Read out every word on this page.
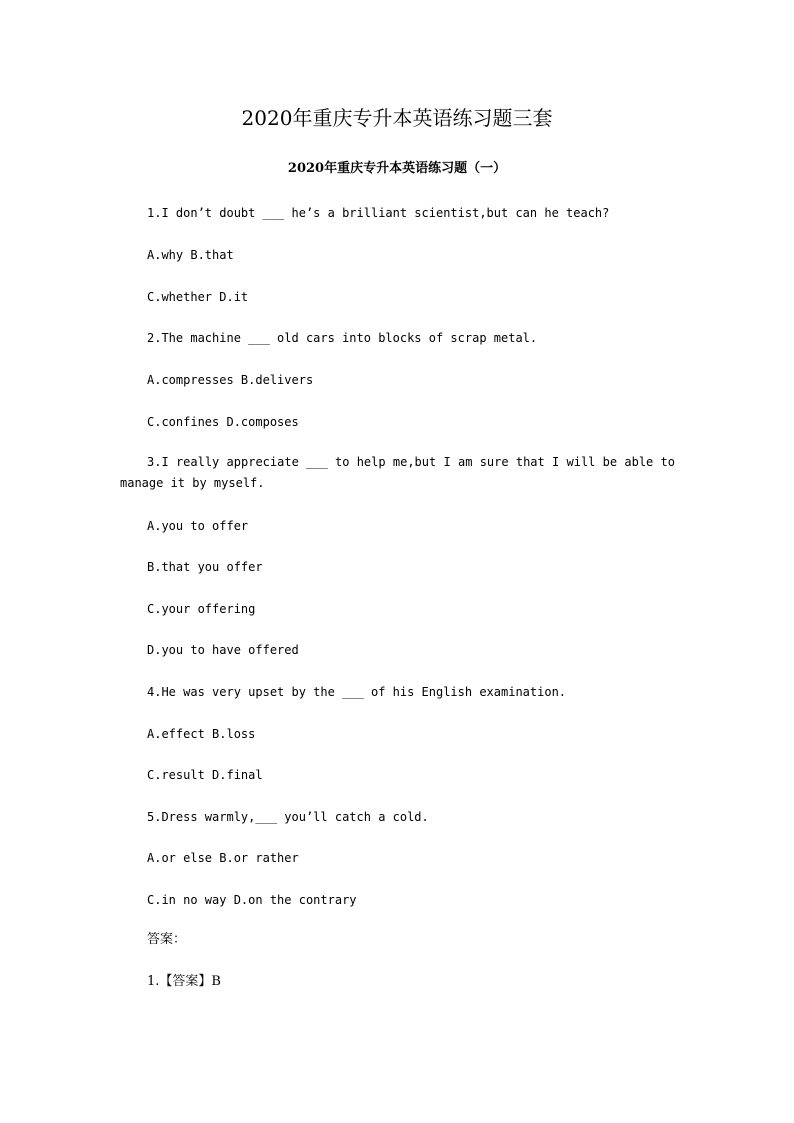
2020年重庆专升本英语练习题三套
2020年重庆专升本英语练习题（一）

1.I don’t doubt ___ he’s a brilliant scientist,but can he teach?

A.why B.that

C.whether D.it

2.The machine ___ old cars into blocks of scrap metal.

A.compresses B.delivers

C.confines D.composes

3.I really appreciate ___ to help me,but I am sure that I will be able to manage it by myself.

A.you to offer

B.that you offer

C.your offering

D.you to have offered

4.He was very upset by the ___ of his English examination.

A.effect B.loss

C.result D.final

5.Dress warmly,___ you’ll catch a cold.

A.or else B.or rather

C.in no way D.on the contrary

答案：

1.【答案】B
